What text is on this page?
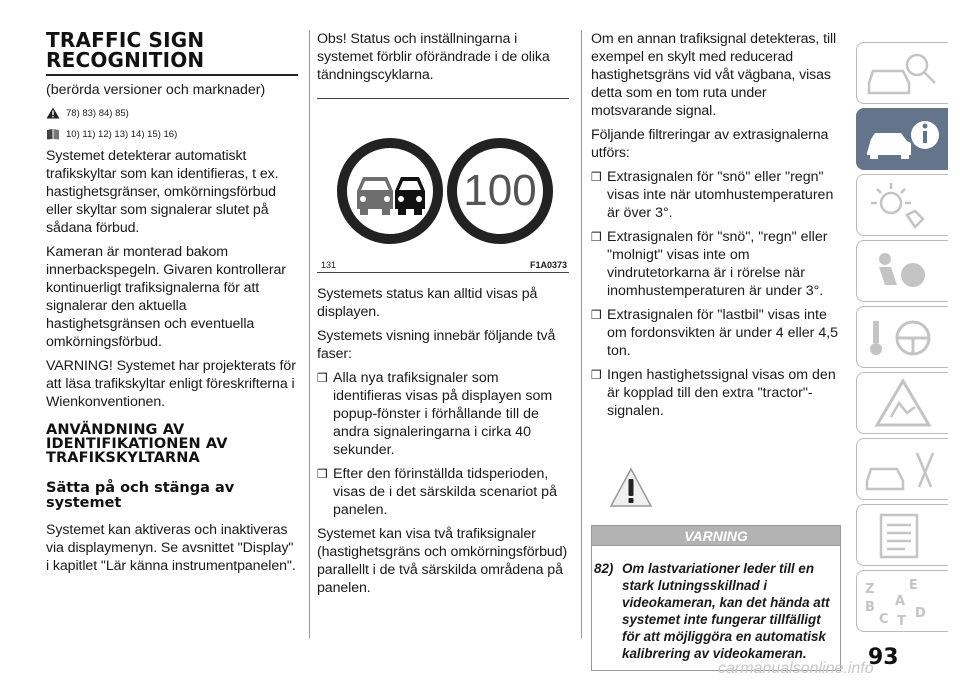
TRAFFIC SIGN
RECOGNITION
(berörda versioner och marknader)
78) 83) 84) 85)
10) 11) 12) 13) 14) 15) 16)

Systemet detekterar automatiskt trafikskyltar som kan identifieras, t ex. hastighetsgränser, omkörningsförbud eller skyltar som signalerar slutet på sådana förbud.

Kameran är monterad bakom innerbackspegeln. Givaren kontrollerar kontinuerligt trafiksignalerna för att signalerar den aktuella hastighetsgränsen och eventuella omkörningsförbud.

VARNING! Systemet har projekterats för att läsa trafikskyltar enligt föreskrifterna i Wienkonventionen.

ANVÄNDNING AV IDENTIFIKATIONEN AV TRAFIKSKYLTARNA
Sätta på och stänga av systemet

Systemet kan aktiveras och inaktiveras via displaymenyn. Se avsnittet "Display" i kapitlet "Lär känna instrumentpanelen".

Obs! Status och inställningarna i systemet förblir oförändrade i de olika tändningscyklarna.

100
131	F1A0373

Systemets status kan alltid visas på displayen.

Systemets visning innebär följande två faser:

❒ Alla nya trafiksignaler som identifieras visas på displayen som popup-fönster i förhållande till de andra signaleringarna i cirka 40 sekunder.
❒ Efter den förinställda tidsperioden, visas de i det särskilda scenariot på panelen.

Systemet kan visa två trafiksignaler (hastighetsgräns och omkörningsförbud) parallellt i de två särskilda områdena på panelen.

Om en annan trafiksignal detekteras, till exempel en skylt med reducerad hastighetsgräns vid våt vägbana, visas detta som en tom ruta under motsvarande signal.

Följande filtreringar av extrasignalerna utförs:

❒ Extrasignalen för "snö" eller "regn" visas inte när utomhustemperaturen är över 3°.
❒ Extrasignalen för "snö", "regn" eller "molnigt" visas inte om vindrutetorkarna är i rörelse när inomhustemperaturen är under 3°.
❒ Extrasignalen för "lastbil" visas inte om fordonsvikten är under 4 eller 4,5 ton.
❒ Ingen hastighetssignal visas om den är kopplad till den extra "tractor"-signalen.
VARNING
82) Om lastvariationer leder till en stark lutningsskillnad i videokameran, kan det hända att systemet inte fungerar tillfälligt för att möjliggöra en automatisk kalibrering av videokameran.
Z	E
B A
C D
T
93
carmanualsonline.info
